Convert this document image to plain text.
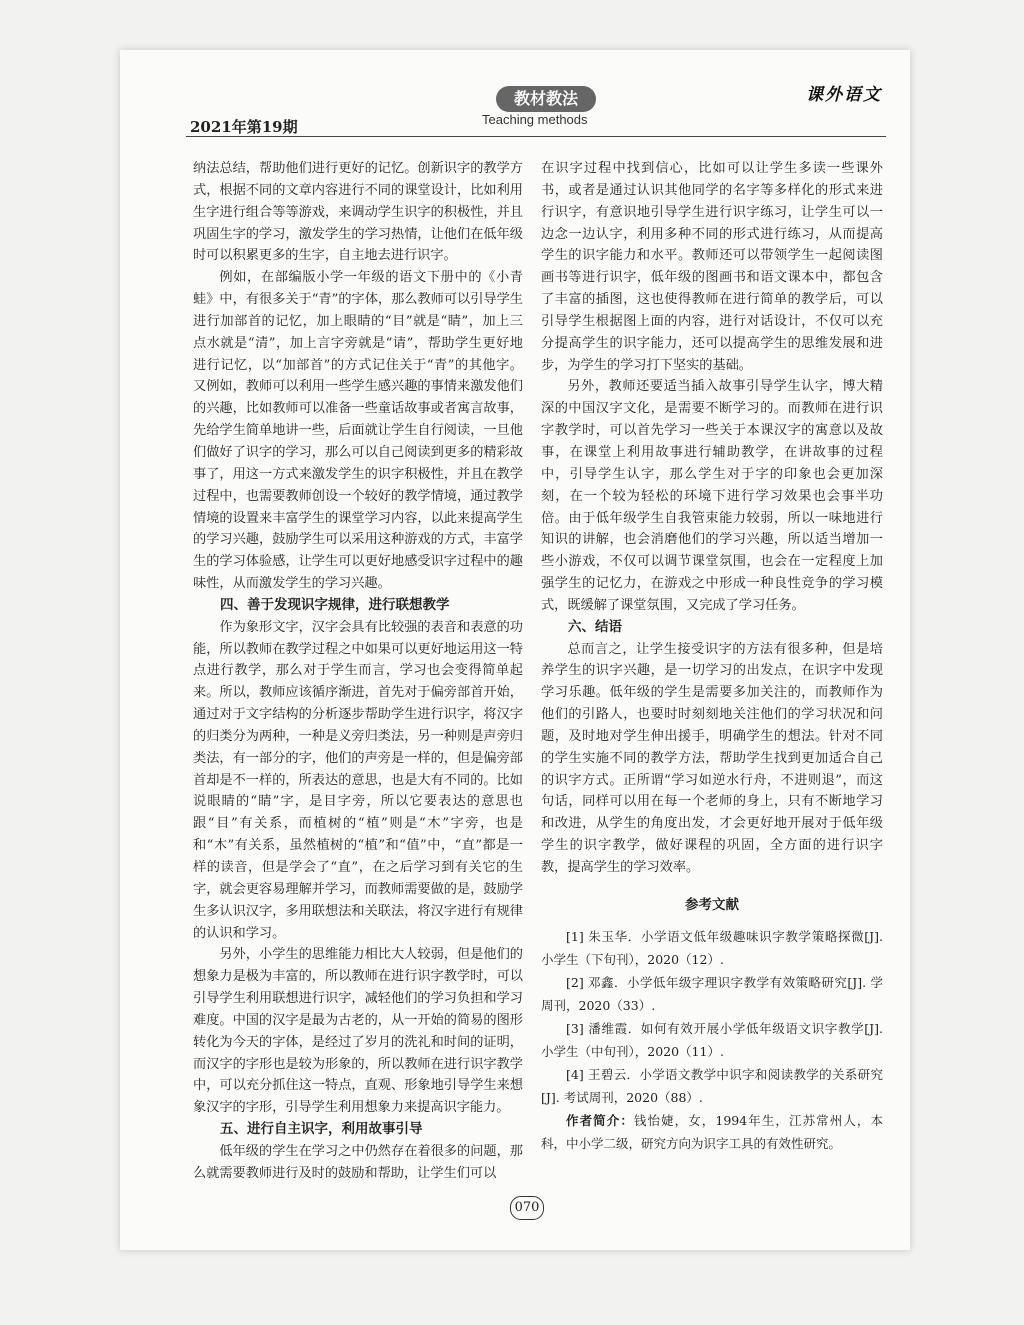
2021年第19期
教材教法
Teaching methods
课外语文

纳法总结，帮助他们进行更好的记忆。创新识字的教学方式，根据不同的文章内容进行不同的课堂设计，比如利用生字进行组合等等游戏，来调动学生识字的积极性，并且巩固生字的学习，激发学生的学习热情，让他们在低年级时可以积累更多的生字，自主地去进行识字。

例如，在部编版小学一年级的语文下册中的《小青蛙》中，有很多关于“青”的字体，那么教师可以引导学生进行加部首的记忆，加上眼睛的“目”就是“睛”，加上三点水就是“清”，加上言字旁就是“请”，帮助学生更好地进行记忆，以“加部首”的方式记住关于“青”的其他字。又例如，教师可以利用一些学生感兴趣的事情来激发他们的兴趣，比如教师可以准备一些童话故事或者寓言故事，先给学生简单地讲一些，后面就让学生自行阅读，一旦他们做好了识字的学习，那么可以自己阅读到更多的精彩故事了，用这一方式来激发学生的识字积极性，并且在教学过程中，也需要教师创设一个较好的教学情境，通过教学情境的设置来丰富学生的课堂学习内容，以此来提高学生的学习兴趣，鼓励学生可以采用这种游戏的方式，丰富学生的学习体验感，让学生可以更好地感受识字过程中的趣味性，从而激发学生的学习兴趣。

四、善于发现识字规律，进行联想教学

作为象形文字，汉字会具有比较强的表音和表意的功能，所以教师在教学过程之中如果可以更好地运用这一特点进行教学，那么对于学生而言，学习也会变得简单起来。所以，教师应该循序渐进，首先对于偏旁部首开始，通过对于文字结构的分析逐步帮助学生进行识字，将汉字的归类分为两种，一种是义旁归类法，另一种则是声旁归类法，有一部分的字，他们的声旁是一样的，但是偏旁部首却是不一样的，所表达的意思，也是大有不同的。比如说眼睛的“睛”字，是目字旁，所以它要表达的意思也跟“目”有关系，而植树的“植”则是“木”字旁，也是和“木”有关系，虽然植树的“植”和“值”中，“直”都是一样的读音，但是学会了“直”，在之后学习到有关它的生字，就会更容易理解并学习，而教师需要做的是，鼓励学生多认识汉字，多用联想法和关联法，将汉字进行有规律的认识和学习。

另外，小学生的思维能力相比大人较弱，但是他们的想象力是极为丰富的，所以教师在进行识字教学时，可以引导学生利用联想进行识字，减轻他们的学习负担和学习难度。中国的汉字是最为古老的，从一开始的简易的图形转化为今天的字体，是经过了岁月的洗礼和时间的证明，而汉字的字形也是较为形象的，所以教师在进行识字教学中，可以充分抓住这一特点，直观、形象地引导学生来想象汉字的字形，引导学生利用想象力来提高识字能力。

五、进行自主识字，利用故事引导

低年级的学生在学习之中仍然存在着很多的问题，那么就需要教师进行及时的鼓励和帮助，让学生们可以

在识字过程中找到信心，比如可以让学生多读一些课外书，或者是通过认识其他同学的名字等多样化的形式来进行识字，有意识地引导学生进行识字练习，让学生可以一边念一边认字，利用多种不同的形式进行练习，从而提高学生的识字能力和水平。教师还可以带领学生一起阅读图画书等进行识字，低年级的图画书和语文课本中，都包含了丰富的插图，这也使得教师在进行简单的教学后，可以引导学生根据图上面的内容，进行对话设计，不仅可以充分提高学生的识字能力，还可以提高学生的思维发展和进步，为学生的学习打下坚实的基础。

另外，教师还要适当插入故事引导学生认字，博大精深的中国汉字文化，是需要不断学习的。而教师在进行识字教学时，可以首先学习一些关于本课汉字的寓意以及故事，在课堂上利用故事进行辅助教学，在讲故事的过程中，引导学生认字，那么学生对于字的印象也会更加深刻，在一个较为轻松的环境下进行学习效果也会事半功倍。由于低年级学生自我管束能力较弱，所以一味地进行知识的讲解，也会消磨他们的学习兴趣，所以适当增加一些小游戏，不仅可以调节课堂氛围，也会在一定程度上加强学生的记忆力，在游戏之中形成一种良性竞争的学习模式，既缓解了课堂氛围，又完成了学习任务。

六、结语

总而言之，让学生接受识字的方法有很多种，但是培养学生的识字兴趣，是一切学习的出发点，在识字中发现学习乐趣。低年级的学生是需要多加关注的，而教师作为他们的引路人，也要时时刻刻地关注他们的学习状况和问题，及时地对学生伸出援手，明确学生的想法。针对不同的学生实施不同的教学方法，帮助学生找到更加适合自己的识字方式。正所谓“学习如逆水行舟，不进则退”，而这句话，同样可以用在每一个老师的身上，只有不断地学习和改进，从学生的角度出发，才会更好地开展对于低年级学生的识字教学，做好课程的巩固，全方面的进行识字教，提高学生的学习效率。

参考文献

[1] 朱玉华．小学语文低年级趣味识字教学策略探微[J]. 小学生（下旬刊），2020（12）.

[2] 邓鑫．小学低年级字理识字教学有效策略研究[J]. 学周刊，2020（33）.

[3] 潘维霞．如何有效开展小学低年级语文识字教学[J]. 小学生（中旬刊），2020（11）.

[4] 王碧云．小学语文教学中识字和阅读教学的关系研究[J]. 考试周刊，2020（88）.

作者简介：钱怡婕，女，1994年生，江苏常州人，本科，中小学二级，研究方向为识字工具的有效性研究。

070
